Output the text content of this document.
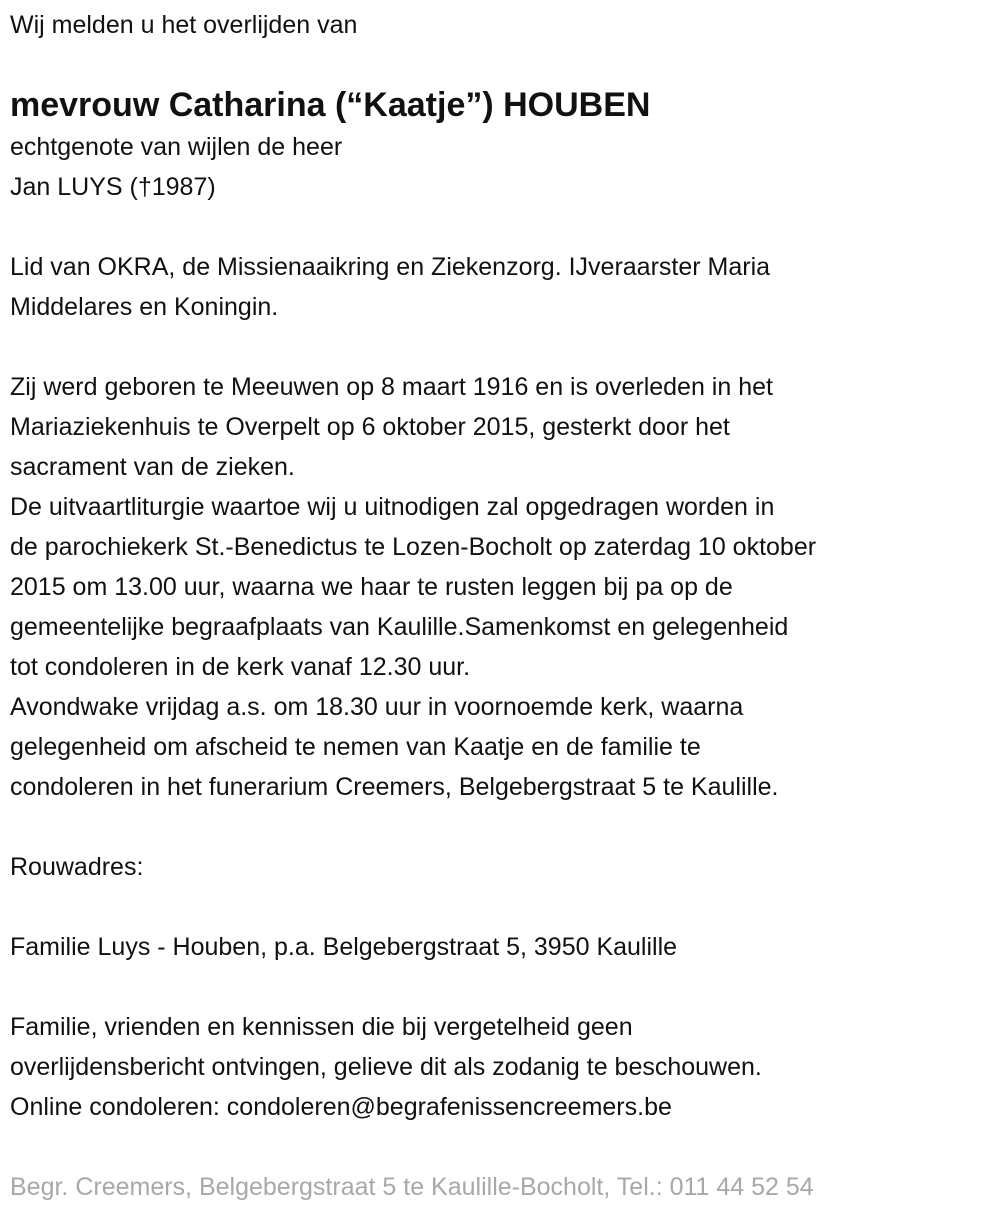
Wij melden u het overlijden van
mevrouw Catharina (“Kaatje”) HOUBEN
echtgenote van wijlen de heer
Jan LUYS (†1987)
Lid van OKRA, de Missienaaikring en Ziekenzorg. IJveraarster Maria
Middelares en Koningin.
Zij werd geboren te Meeuwen op 8 maart 1916 en is overleden in het
Mariaziekenhuis te Overpelt op 6 oktober 2015, gesterkt door het
sacrament van de zieken.
De uitvaartliturgie waartoe wij u uitnodigen zal opgedragen worden in
de parochiekerk St.-Benedictus te Lozen-Bocholt op zaterdag 10 oktober
2015 om 13.00 uur, waarna we haar te rusten leggen bij pa op de
gemeentelijke begraafplaats van Kaulille.Samenkomst en gelegenheid
tot condoleren in de kerk vanaf 12.30 uur.
Avondwake vrijdag a.s. om 18.30 uur in voornoemde kerk, waarna
gelegenheid om afscheid te nemen van Kaatje en de familie te
condoleren in het funerarium Creemers, Belgebergstraat 5 te Kaulille.
Rouwadres:
Familie Luys - Houben, p.a. Belgebergstraat 5, 3950 Kaulille
Familie, vrienden en kennissen die bij vergetelheid geen
overlijdensbericht ontvingen, gelieve dit als zodanig te beschouwen.
Online condoleren: condoleren@begrafenissencreemers.be
Begr. Creemers, Belgebergstraat 5 te Kaulille-Bocholt, Tel.: 011 44 52 54
